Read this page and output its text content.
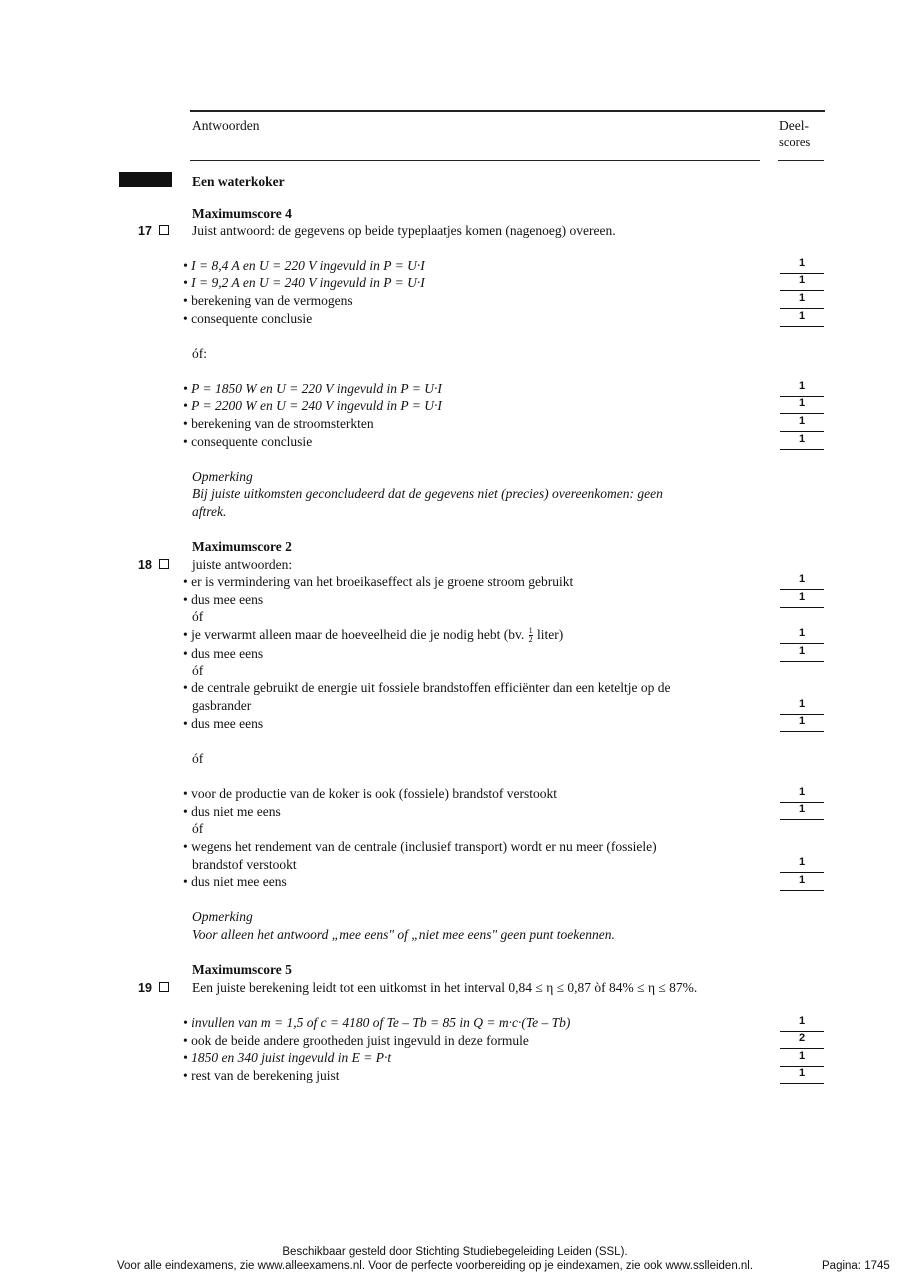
Antwoorden	Deel-
scores
Een waterkoker
Maximumscore 4
17	Juist antwoord: de gegevens op beide typeplaatjes komen (nagenoeg) overeen.
• I = 8,4 A en U = 220 V ingevuld in P = U·I	1
• I = 9,2 A en U = 240 V ingevuld in P = U·I	1
• berekening van de vermogens	1
• consequente conclusie	1
óf:
• P = 1850 W en U = 220 V ingevuld in P = U·I	1
• P = 2200 W en U = 240 V ingevuld in P = U·I	1
• berekening van de stroomsterkten	1
• consequente conclusie	1
Opmerking
Bij juiste uitkomsten geconcludeerd dat de gegevens niet (precies) overeenkomen: geen
aftrek.
Maximumscore 2
18	juiste antwoorden:
• er is vermindering van het broeikaseffect als je groene stroom gebruikt	1
• dus mee eens	1
óf
• je verwarmt alleen maar de hoeveelheid die je nodig hebt (bv. $\frac{1}{2}$ liter)	1
• dus mee eens	1
óf
• de centrale gebruikt de energie uit fossiele brandstoffen efficiënter dan een keteltje op de
gasbrander	1
• dus mee eens	1
óf
• voor de productie van de koker is ook (fossiele) brandstof verstookt	1
• dus niet me eens	1
óf
• wegens het rendement van de centrale (inclusief transport) wordt er nu meer (fossiele)
brandstof verstookt	1
• dus niet mee eens	1
Opmerking
Voor alleen het antwoord „mee eens" of „niet mee eens" geen punt toekennen.
Maximumscore 5
19	Een juiste berekening leidt tot een uitkomst in het interval 0,84 ≤ η ≤ 0,87 òf 84% ≤ η ≤ 87%.
• invullen van m = 1,5 of c = 4180 of Te – Tb = 85 in Q = m·c·(Te – Tb)	1
• ook de beide andere grootheden juist ingevuld in deze formule	2
• 1850 en 340 juist ingevuld in E = P·t	1
• rest van de berekening juist	1
Beschikbaar gesteld door Stichting Studiebegeleiding Leiden (SSL).
Voor alle eindexamens, zie www.alleexamens.nl. Voor de perfecte voorbereiding op je eindexamen, zie ook www.sslleiden.nl.	Pagina: 1745
